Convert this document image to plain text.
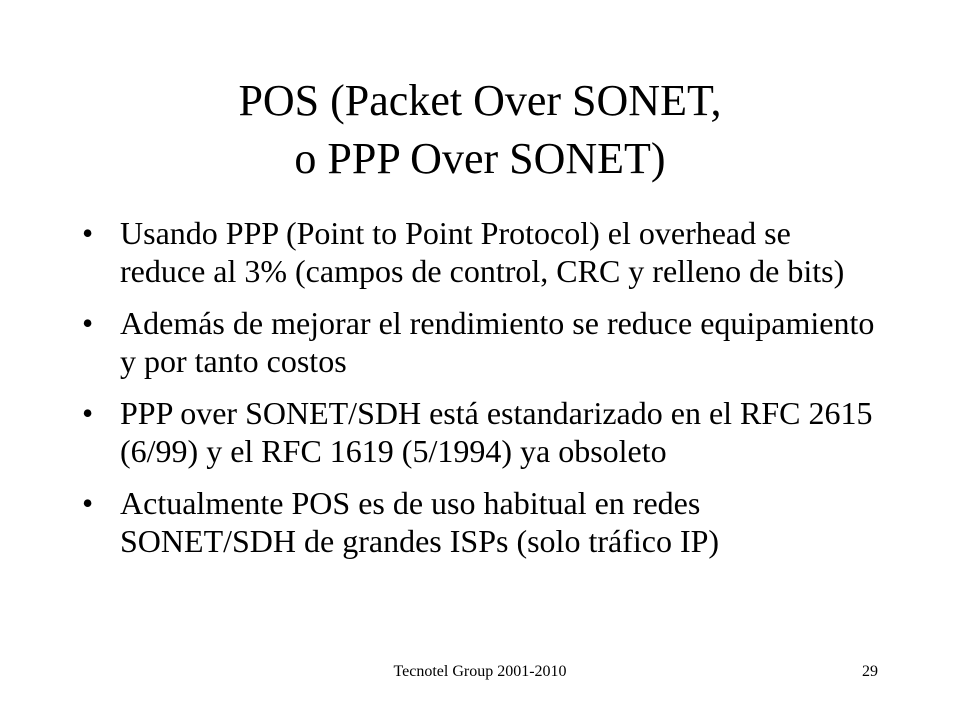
POS (Packet Over SONET,
o PPP Over SONET)
• Usando PPP (Point to Point Protocol) el overhead se reduce al 3% (campos de control, CRC y relleno de bits)
• Además de mejorar el rendimiento se reduce equipamiento y por tanto costos
• PPP over SONET/SDH está estandarizado en el RFC 2615 (6/99) y el RFC 1619 (5/1994) ya obsoleto
• Actualmente POS es de uso habitual en redes SONET/SDH de grandes ISPs (solo tráfico IP)
Tecnotel Group 2001-2010	29
